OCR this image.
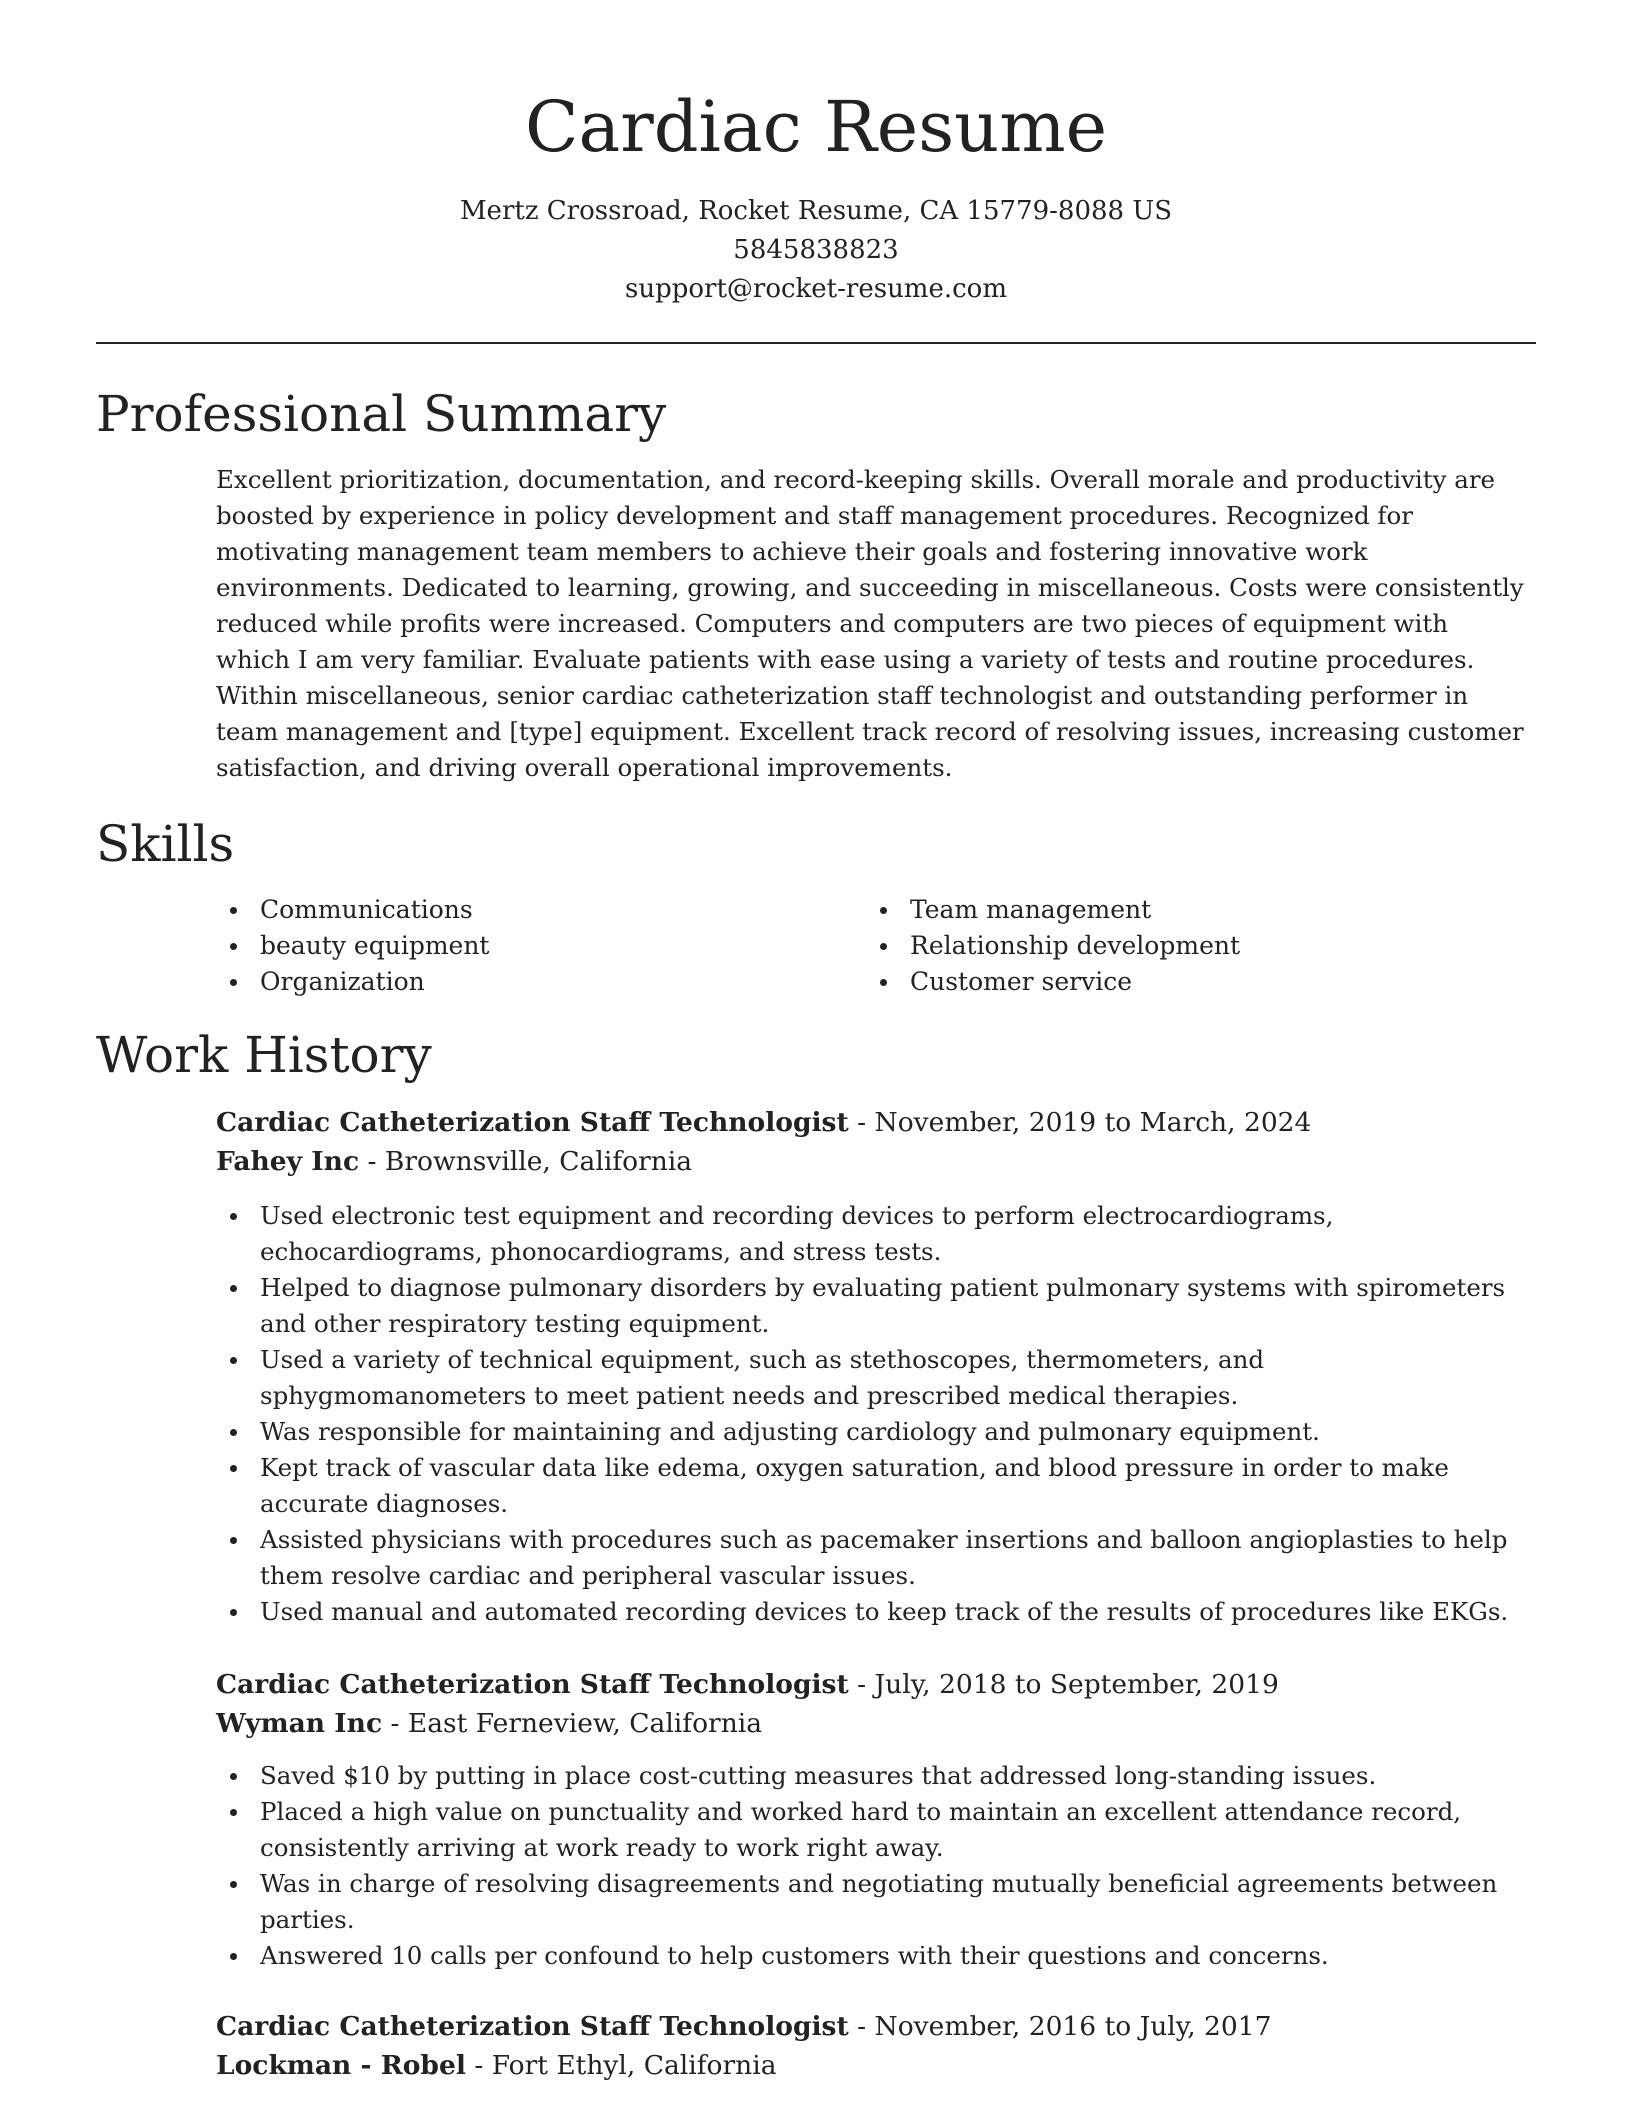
Cardiac Resume
Mertz Crossroad, Rocket Resume, CA 15779-8088 US
5845838823
support@rocket-resume.com
Professional Summary

Excellent prioritization, documentation, and record-keeping skills. Overall morale and productivity are boosted by experience in policy development and staff management procedures. Recognized for motivating management team members to achieve their goals and fostering innovative work environments. Dedicated to learning, growing, and succeeding in miscellaneous. Costs were consistently reduced while profits were increased. Computers and computers are two pieces of equipment with which I am very familiar. Evaluate patients with ease using a variety of tests and routine procedures. Within miscellaneous, senior cardiac catheterization staff technologist and outstanding performer in team management and [type] equipment. Excellent track record of resolving issues, increasing customer satisfaction, and driving overall operational improvements.

Skills
Communications
beauty equipment
Organization
Team management
Relationship development
Customer service
Work History
Cardiac Catheterization Staff Technologist - November, 2019 to March, 2024
Fahey Inc - Brownsville, California
Used electronic test equipment and recording devices to perform electrocardiograms, echocardiograms, phonocardiograms, and stress tests.
Helped to diagnose pulmonary disorders by evaluating patient pulmonary systems with spirometers and other respiratory testing equipment.
Used a variety of technical equipment, such as stethoscopes, thermometers, and sphygmomanometers to meet patient needs and prescribed medical therapies.
Was responsible for maintaining and adjusting cardiology and pulmonary equipment.
Kept track of vascular data like edema, oxygen saturation, and blood pressure in order to make accurate diagnoses.
Assisted physicians with procedures such as pacemaker insertions and balloon angioplasties to help them resolve cardiac and peripheral vascular issues.
Used manual and automated recording devices to keep track of the results of procedures like EKGs.
Cardiac Catheterization Staff Technologist - July, 2018 to September, 2019
Wyman Inc - East Ferneview, California
Saved $10 by putting in place cost-cutting measures that addressed long-standing issues.
Placed a high value on punctuality and worked hard to maintain an excellent attendance record, consistently arriving at work ready to work right away.
Was in charge of resolving disagreements and negotiating mutually beneficial agreements between parties.
Answered 10 calls per confound to help customers with their questions and concerns.
Cardiac Catheterization Staff Technologist - November, 2016 to July, 2017
Lockman - Robel - Fort Ethyl, California
